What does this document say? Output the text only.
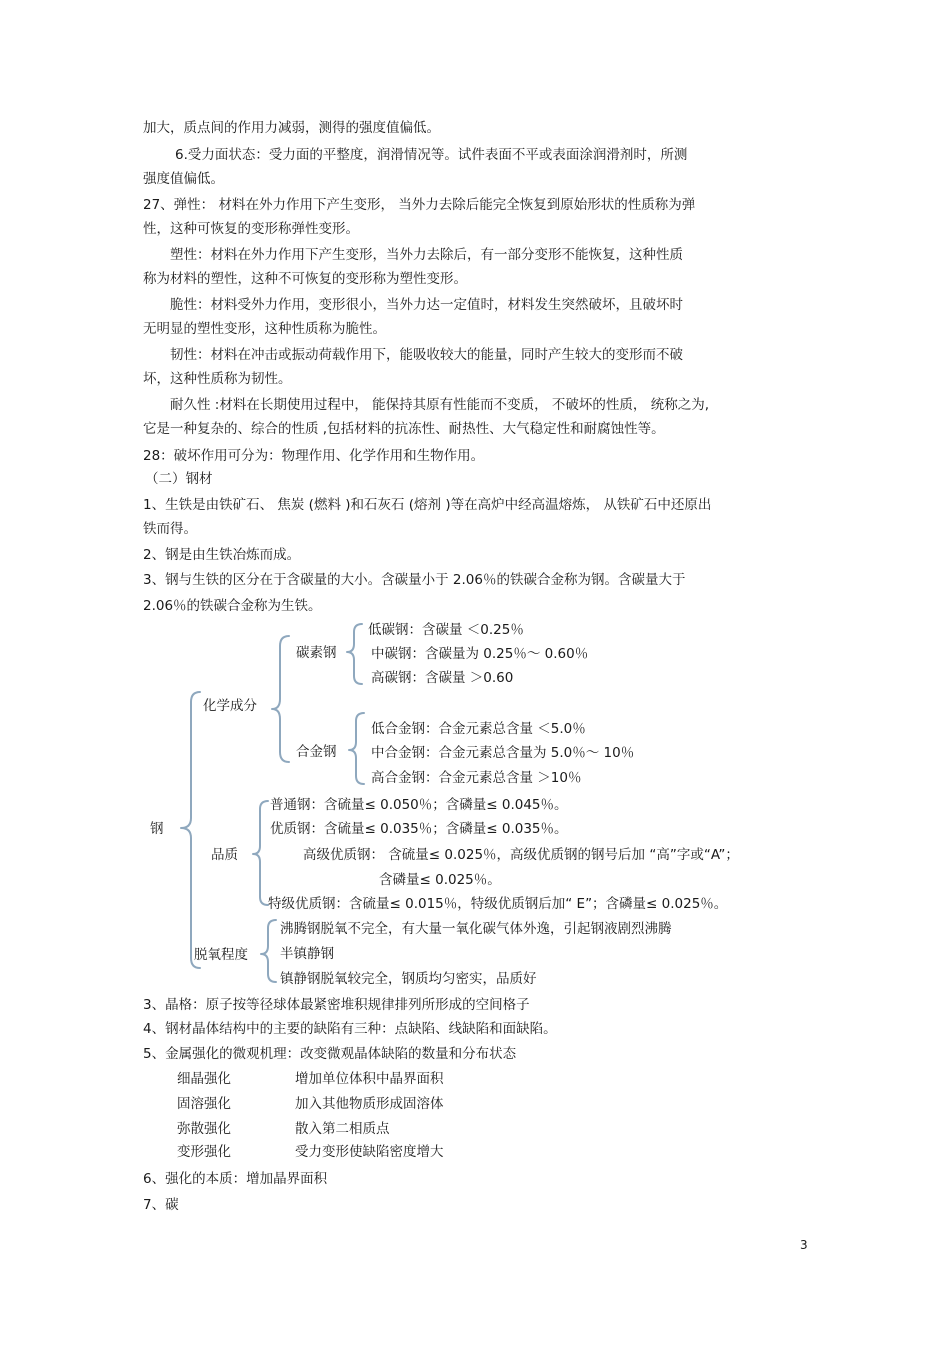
加大，质点间的作用力减弱，测得的强度值偏低。
6.受力面状态：受力面的平整度，润滑情况等。试件表面不平或表面涂润滑剂时，所测
强度值偏低。
27、弹性： 材料在外力作用下产生变形， 当外力去除后能完全恢复到原始形状的性质称为弹
性，这种可恢复的变形称弹性变形。
塑性：材料在外力作用下产生变形，当外力去除后，有一部分变形不能恢复，这种性质
称为材料的塑性，这种不可恢复的变形称为塑性变形。
脆性：材料受外力作用，变形很小，当外力达一定值时，材料发生突然破坏，且破坏时
无明显的塑性变形，这种性质称为脆性。
韧性：材料在冲击或振动荷载作用下，能吸收较大的能量，同时产生较大的变形而不破
坏，这种性质称为韧性。
耐久性 :材料在长期使用过程中， 能保持其原有性能而不变质， 不破坏的性质， 统称之为,
它是一种复杂的、综合的性质 ,包括材料的抗冻性、耐热性、大气稳定性和耐腐蚀性等。
28：破坏作用可分为：物理作用、化学作用和生物作用。
（二）钢材
1、生铁是由铁矿石、 焦炭 (燃料 )和石灰石 (熔剂 )等在高炉中经高温熔炼， 从铁矿石中还原出
铁而得。
2、钢是由生铁冶炼而成。
3、钢与生铁的区分在于含碳量的大小。含碳量小于 2.06％的铁碳合金称为钢。含碳量大于
2.06％的铁碳合金称为生铁。
钢
化学成分
碳素钢
低碳钢：含碳量 ＜0.25％
中碳钢：含碳量为 0.25％～ 0.60％
高碳钢：含碳量 ＞0.60
合金钢
低合金钢：合金元素总含量 ＜5.0％
中合金钢：合金元素总含量为 5.0％～ 10％
高合金钢：合金元素总含量 ＞10％
品质
普通钢：含硫量≤ 0.050％；含磷量≤ 0.045％。
优质钢：含硫量≤ 0.035％；含磷量≤ 0.035％。
高级优质钢： 含硫量≤ 0.025％，高级优质钢的钢号后加 “高”字或“A”；
含磷量≤ 0.025％。
特级优质钢：含硫量≤ 0.015％，特级优质钢后加“ E”；含磷量≤ 0.025％。
脱氧程度
沸腾钢脱氧不完全，有大量一氧化碳气体外逸，引起钢液剧烈沸腾
半镇静钢
镇静钢脱氧较完全，钢质均匀密实，品质好
3、晶格：原子按等径球体最紧密堆积规律排列所形成的空间格子
4、钢材晶体结构中的主要的缺陷有三种：点缺陷、线缺陷和面缺陷。
5、金属强化的微观机理：改变微观晶体缺陷的数量和分布状态
细晶强化	增加单位体积中晶界面积
固溶强化	加入其他物质形成固溶体
弥散强化	散入第二相质点
变形强化	受力变形使缺陷密度增大
6、强化的本质：增加晶界面积
7、碳
3
